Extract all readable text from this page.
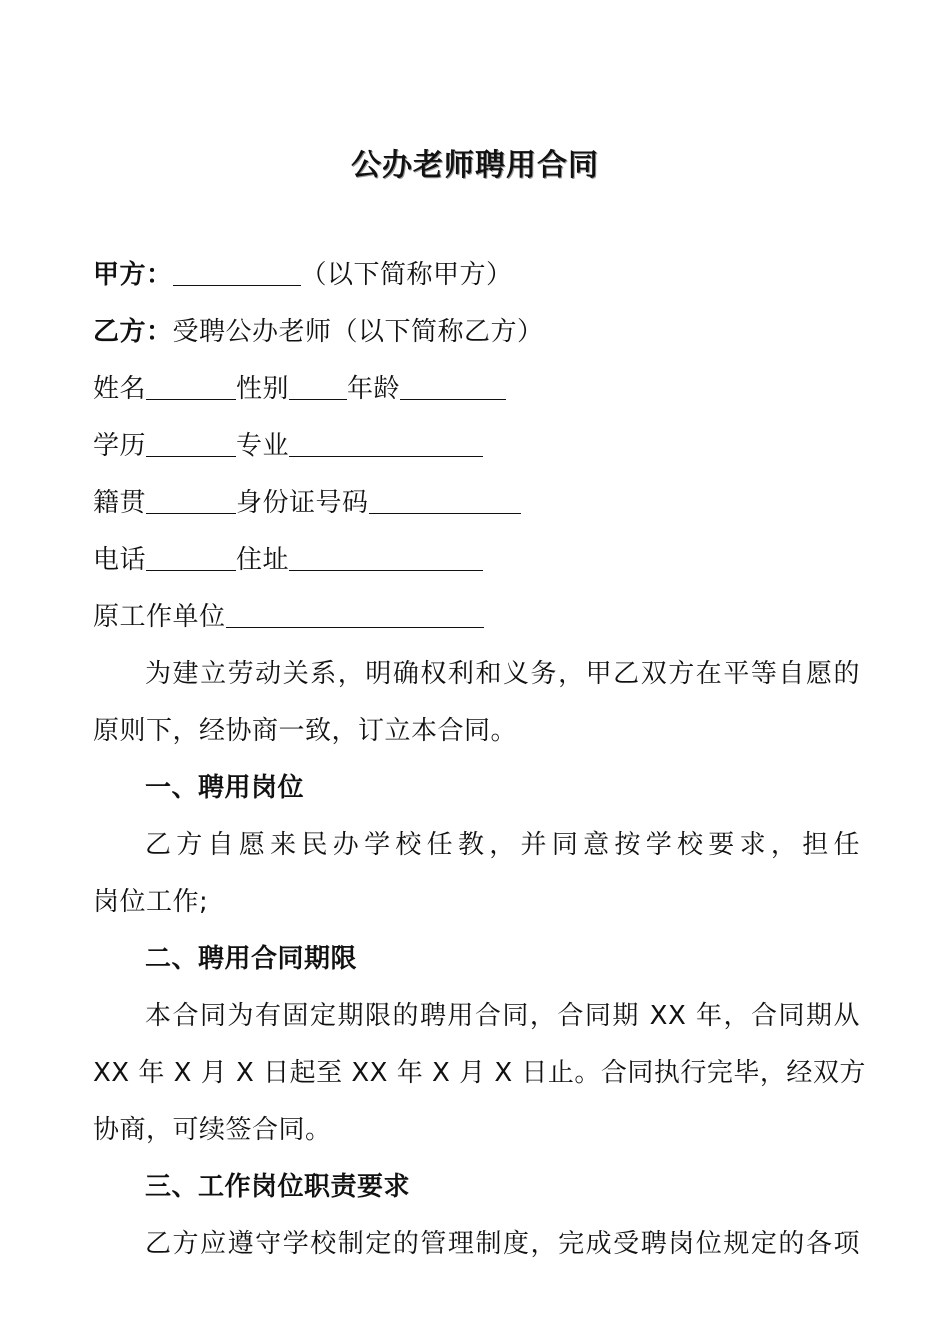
公办老师聘用合同
甲方：	（以下简称甲方）
乙方：受聘公办老师（以下简称乙方）
姓名	性别 年龄
学历	专业
籍贯	身份证号码
电话	住址
原工作单位
为建立劳动关系，明确权利和义务，甲乙双方在平等自愿的
原则下，经协商一致，订立本合同。
一、聘用岗位
乙方自愿来民办学校任教，并同意按学校要求，担任
岗位工作;
二、聘用合同期限
本合同为有固定期限的聘用合同，合同期 XX 年，合同期从
XX 年 X 月 X 日起至 XX 年 X 月 X 日止。合同执行完毕，经双方
协商，可续签合同。
三、工作岗位职责要求
乙方应遵守学校制定的管理制度，完成受聘岗位规定的各项
